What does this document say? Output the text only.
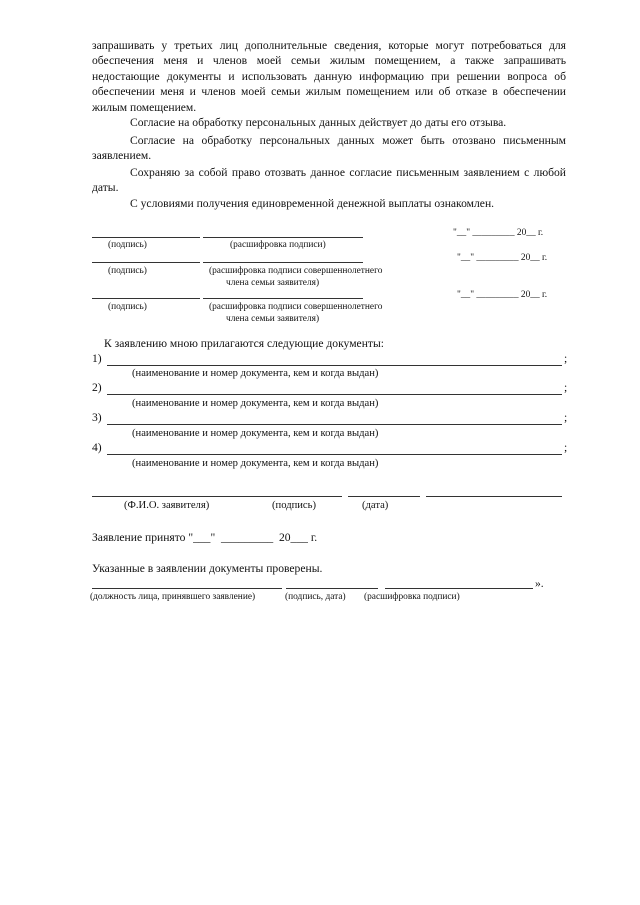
запрашивать у третьих лиц дополнительные сведения, которые могут потребоваться для обеспечения меня и членов моей семьи жилым помещением, а также запрашивать недостающие документы и использовать данную информацию при решении вопроса об обеспечении меня и членов моей семьи жилым помещением или об отказе в обеспечении жилым помещением.
Согласие на обработку персональных данных действует до даты его отзыва.
Согласие на обработку персональных данных может быть отозвано письменным заявлением.
Сохраняю за собой право отозвать данное согласие письменным заявлением с любой даты.
С условиями получения единовременной денежной выплаты ознакомлен.
(подпись)	(расшифровка подписи)
"__" _________ 20__ г.
(подпись)	(расшифровка подписи совершеннолетнего
члена семьи заявителя)
"__" _________ 20__ г.
(подпись)	(расшифровка подписи совершеннолетнего
члена семьи заявителя)
"__" _________ 20__ г.
К заявлению мною прилагаются следующие документы:
1)	;
(наименование и номер документа, кем и когда выдан)
2)	;
(наименование и номер документа, кем и когда выдан)
3)	;
(наименование и номер документа, кем и когда выдан)
4)	;
(наименование и номер документа, кем и когда выдан)
(Ф.И.О. заявителя)	(подпись)	(дата)
Заявление принято "___"  _________  20___ г.
Указанные в заявлении документы проверены.
».
(должность лица, принявшего заявление)	(подпись, дата) (расшифровка подписи)
